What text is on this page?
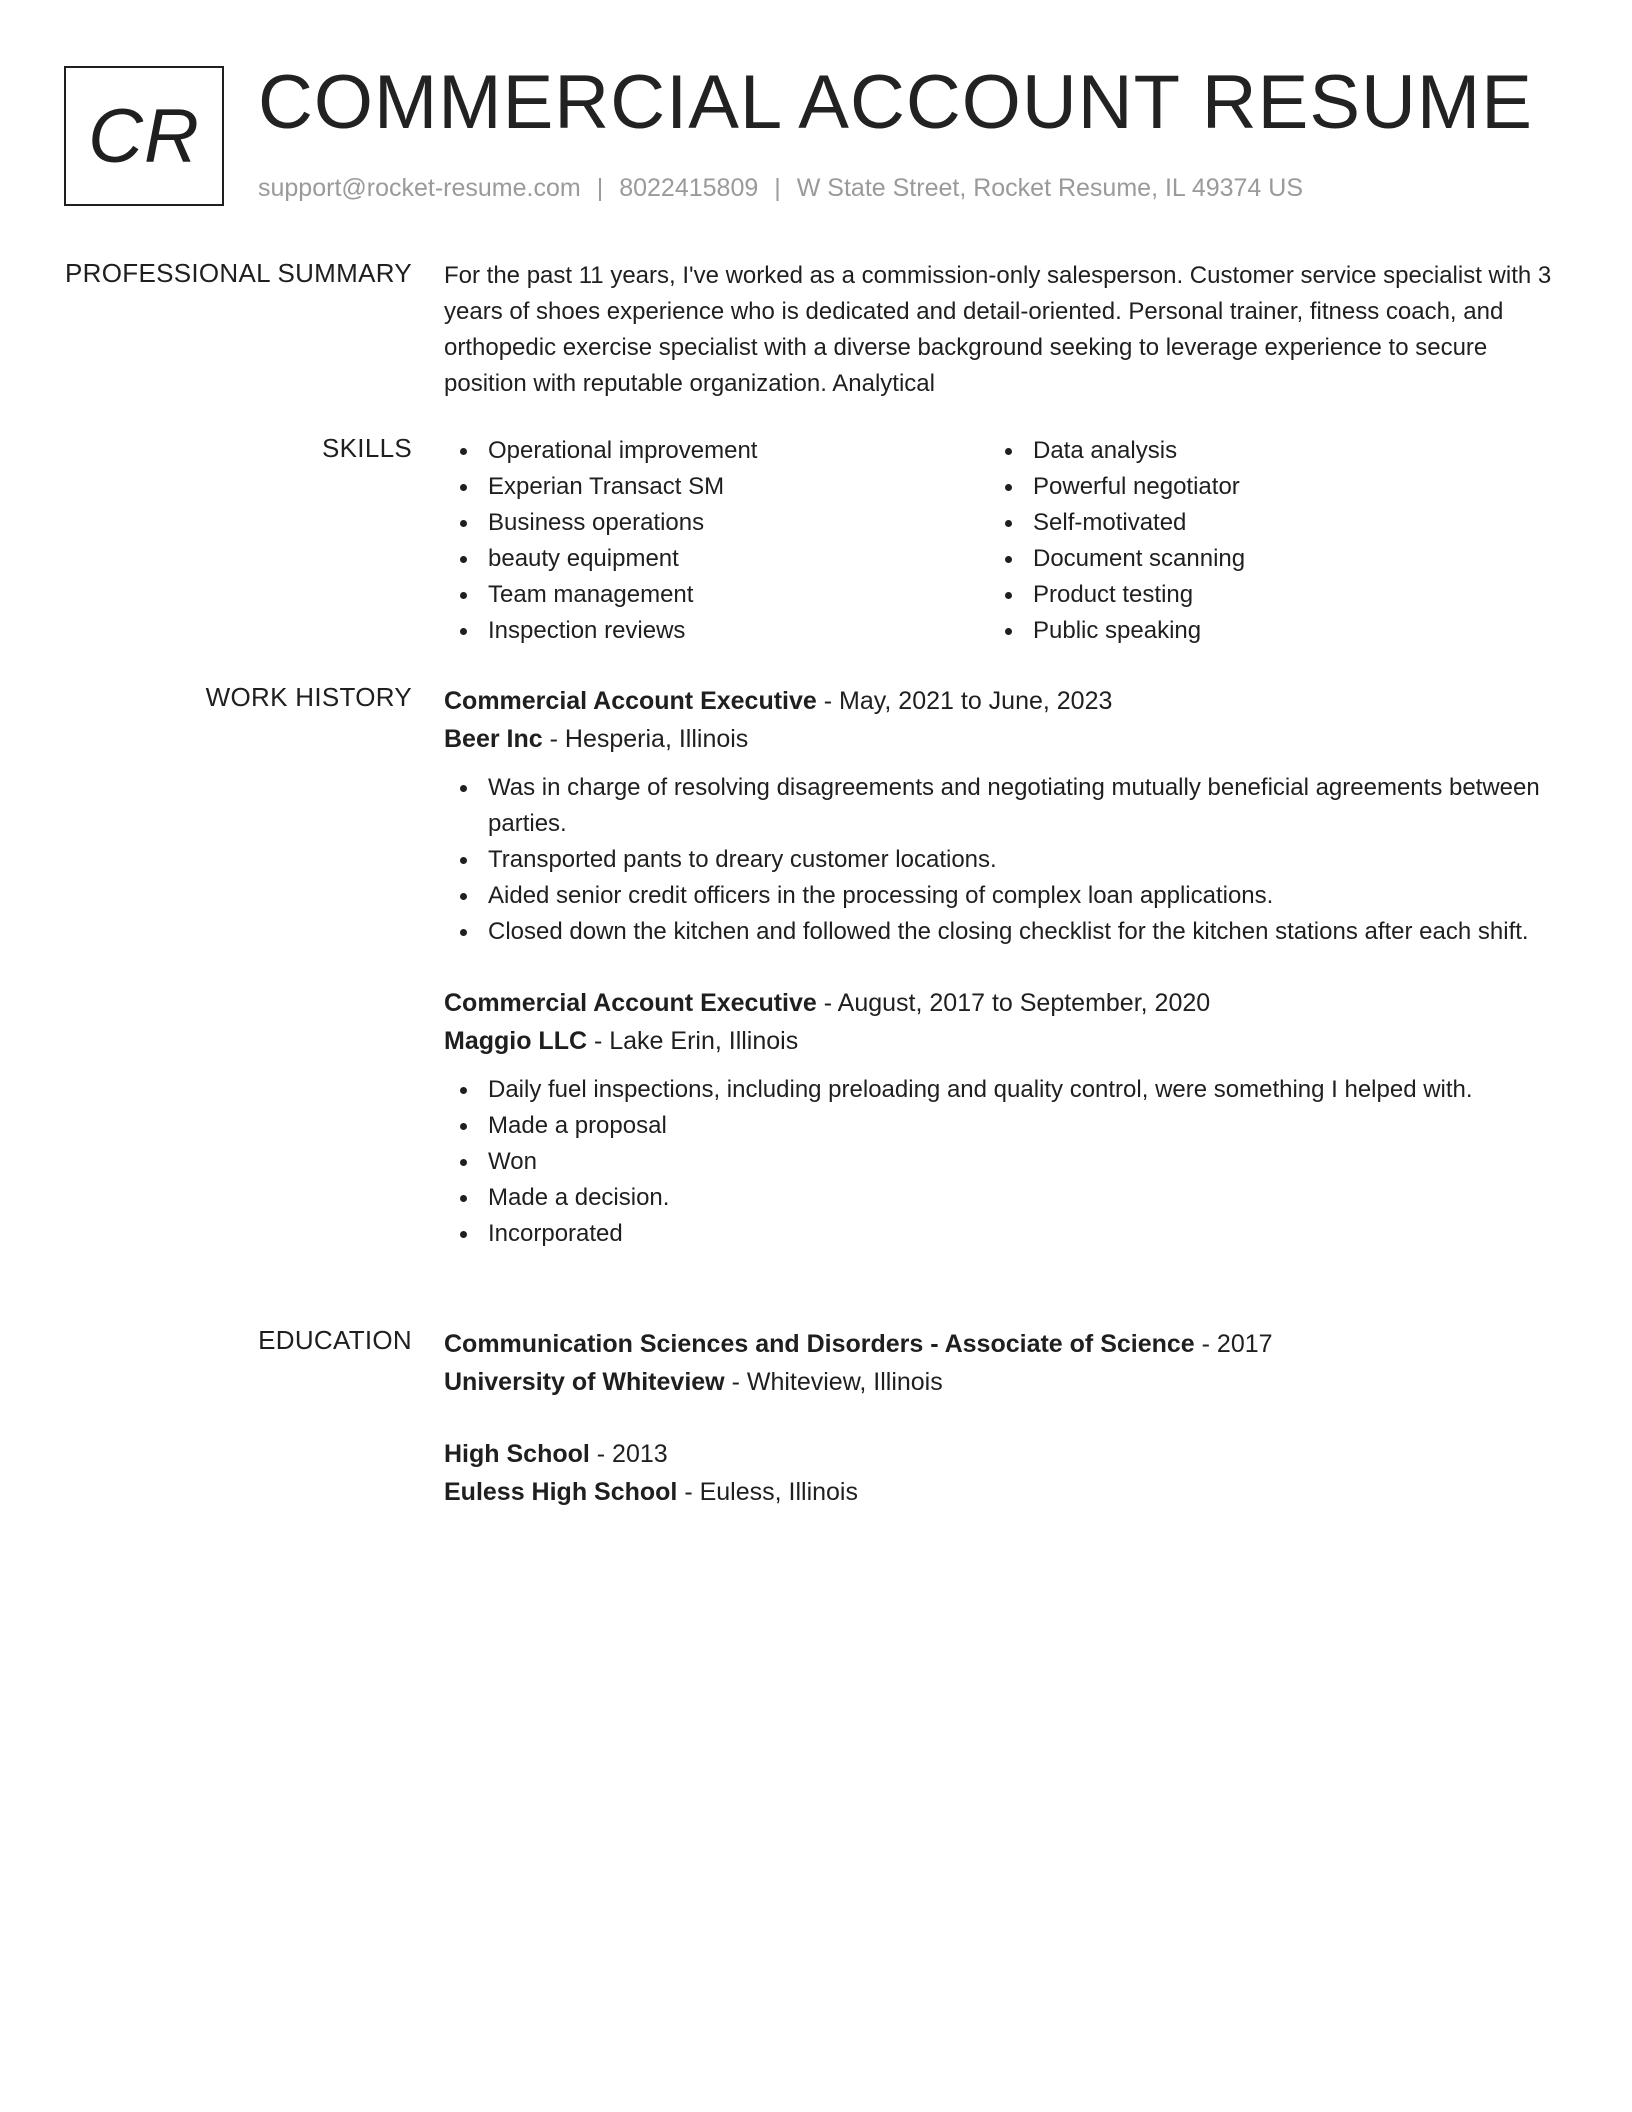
CR COMMERCIAL ACCOUNT RESUME
support@rocket-resume.com | 8022415809 | W State Street, Rocket Resume, IL 49374 US
PROFESSIONAL SUMMARY For the past 11 years, I've worked as a commission-only salesperson. Customer service specialist with 3 years of shoes experience who is dedicated and detail-oriented. Personal trainer, fitness coach, and orthopedic exercise specialist with a diverse background seeking to leverage experience to secure position with reputable organization. Analytical

SKILLS	Operational improvement
Experian Transact SM
Business operations
beauty equipment
Team management
Inspection reviews
Data analysis
Powerful negotiator
Self-motivated
Document scanning
Product testing
Public speaking
WORK HISTORY Commercial Account Executive - May, 2021 to June, 2023
Beer Inc - Hesperia, Illinois
Was in charge of resolving disagreements and negotiating mutually beneficial agreements between parties.
Transported pants to dreary customer locations.
Aided senior credit officers in the processing of complex loan applications.
Closed down the kitchen and followed the closing checklist for the kitchen stations after each shift.
Commercial Account Executive - August, 2017 to September, 2020
Maggio LLC - Lake Erin, Illinois
Daily fuel inspections, including preloading and quality control, were something I helped with.
Made a proposal
Won
Made a decision.
Incorporated
EDUCATION Communication Sciences and Disorders - Associate of Science - 2017
University of Whiteview - Whiteview, Illinois
High School - 2013
Euless High School - Euless, Illinois
